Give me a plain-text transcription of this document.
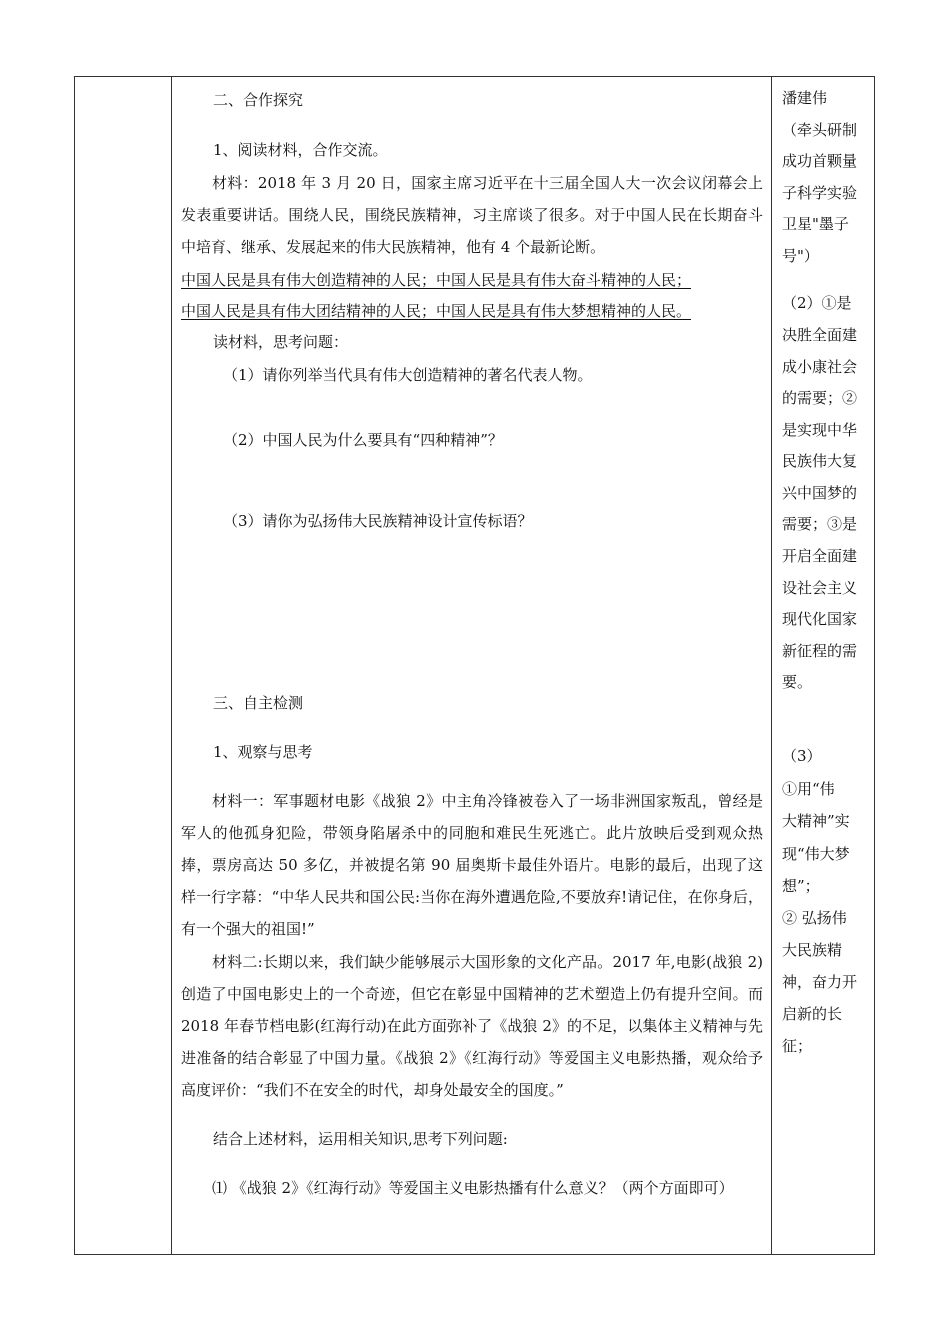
二、合作探究
1、阅读材料，合作交流。
材料：2018 年 3 月 20 日，国家主席习近平在十三届全国人大一次会议闭幕会上发表重要讲话。围绕人民，围绕民族精神，习主席谈了很多。对于中国人民在长期奋斗中培育、继承、发展起来的伟大民族精神，他有 4 个最新论断。
中国人民是具有伟大创造精神的人民；中国人民是具有伟大奋斗精神的人民；
中国人民是具有伟大团结精神的人民；中国人民是具有伟大梦想精神的人民。
读材料，思考问题：
（1）请你列举当代具有伟大创造精神的著名代表人物。
（2）中国人民为什么要具有“四种精神”？
（3）请你为弘扬伟大民族精神设计宣传标语？
三、自主检测
1、观察与思考
材料一：军事题材电影《战狼 2》中主角冷锋被卷入了一场非洲国家叛乱，曾经是军人的他孤身犯险，带领身陷屠杀中的同胞和难民生死逃亡。此片放映后受到观众热捧，票房高达 50 多亿，并被提名第 90 届奥斯卡最佳外语片。电影的最后，出现了这样一行字幕：“中华人民共和国公民:当你在海外遭遇危险,不要放弃!请记住，在你身后，有一个强大的祖国!”
材料二:长期以来，我们缺少能够展示大国形象的文化产品。2017 年,电影(战狼 2)创造了中国电影史上的一个奇迹，但它在彰显中国精神的艺术塑造上仍有提升空间。而 2018 年春节档电影(红海行动)在此方面弥补了《战狼 2》的不足，以集体主义精神与先进准备的结合彰显了中国力量。《战狼 2》《红海行动》等爱国主义电影热播，观众给予高度评价：“我们不在安全的时代，却身处最安全的国度。”
结合上述材料，运用相关知识,思考下列问题:
⑴ 《战狼 2》《红海行动》等爱国主义电影热播有什么意义？（两个方面即可）
潘建伟
（牵头研制
成功首颗量
子科学实验
卫星"墨子
号"）
（2）①是
决胜全面建
成小康社会
的需要；②
是实现中华
民族伟大复
兴中国梦的
需要；③是
开启全面建
设社会主义
现代化国家
新征程的需
要。
（3）
①用“伟
大精神”实
现“伟大梦
想”；
② 弘扬伟
大民族精
神，奋力开
启新的长
征；
